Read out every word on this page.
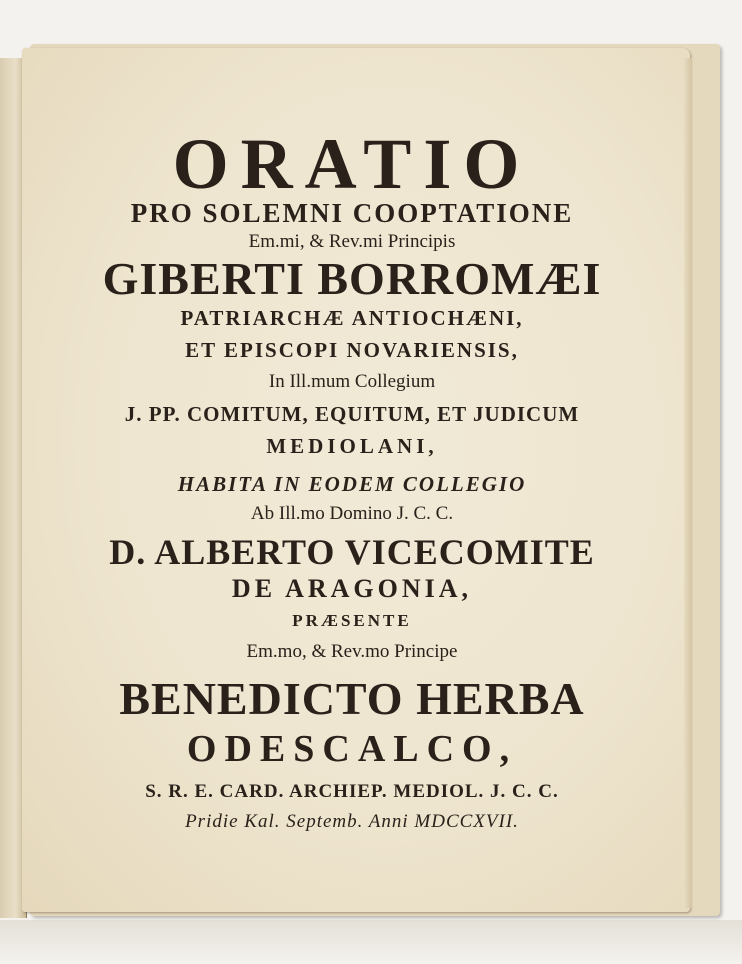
ORATIO

PRO SOLEMNI COOPTATIONE

Em.mi, & Rev.mi Principis

GIBERTI BORROMÆI

PATRIARCHÆ ANTIOCHÆNI,

ET EPISCOPI NOVARIENSIS,

In Ill.mum Collegium

J. PP. COMITUM, EQUITUM, ET JUDICUM

MEDIOLANI,

HABITA IN EODEM COLLEGIO

Ab Ill.mo Domino J. C. C.

D. ALBERTO VICECOMITE

DE ARAGONIA,

PRÆSENTE

Em.mo, & Rev.mo Principe

BENEDICTO HERBA

ODESCALCO,

S. R. E. CARD. ARCHIEP. MEDIOL. J. C. C.

Pridie Kal. Septemb. Anni MDCCXVII.
